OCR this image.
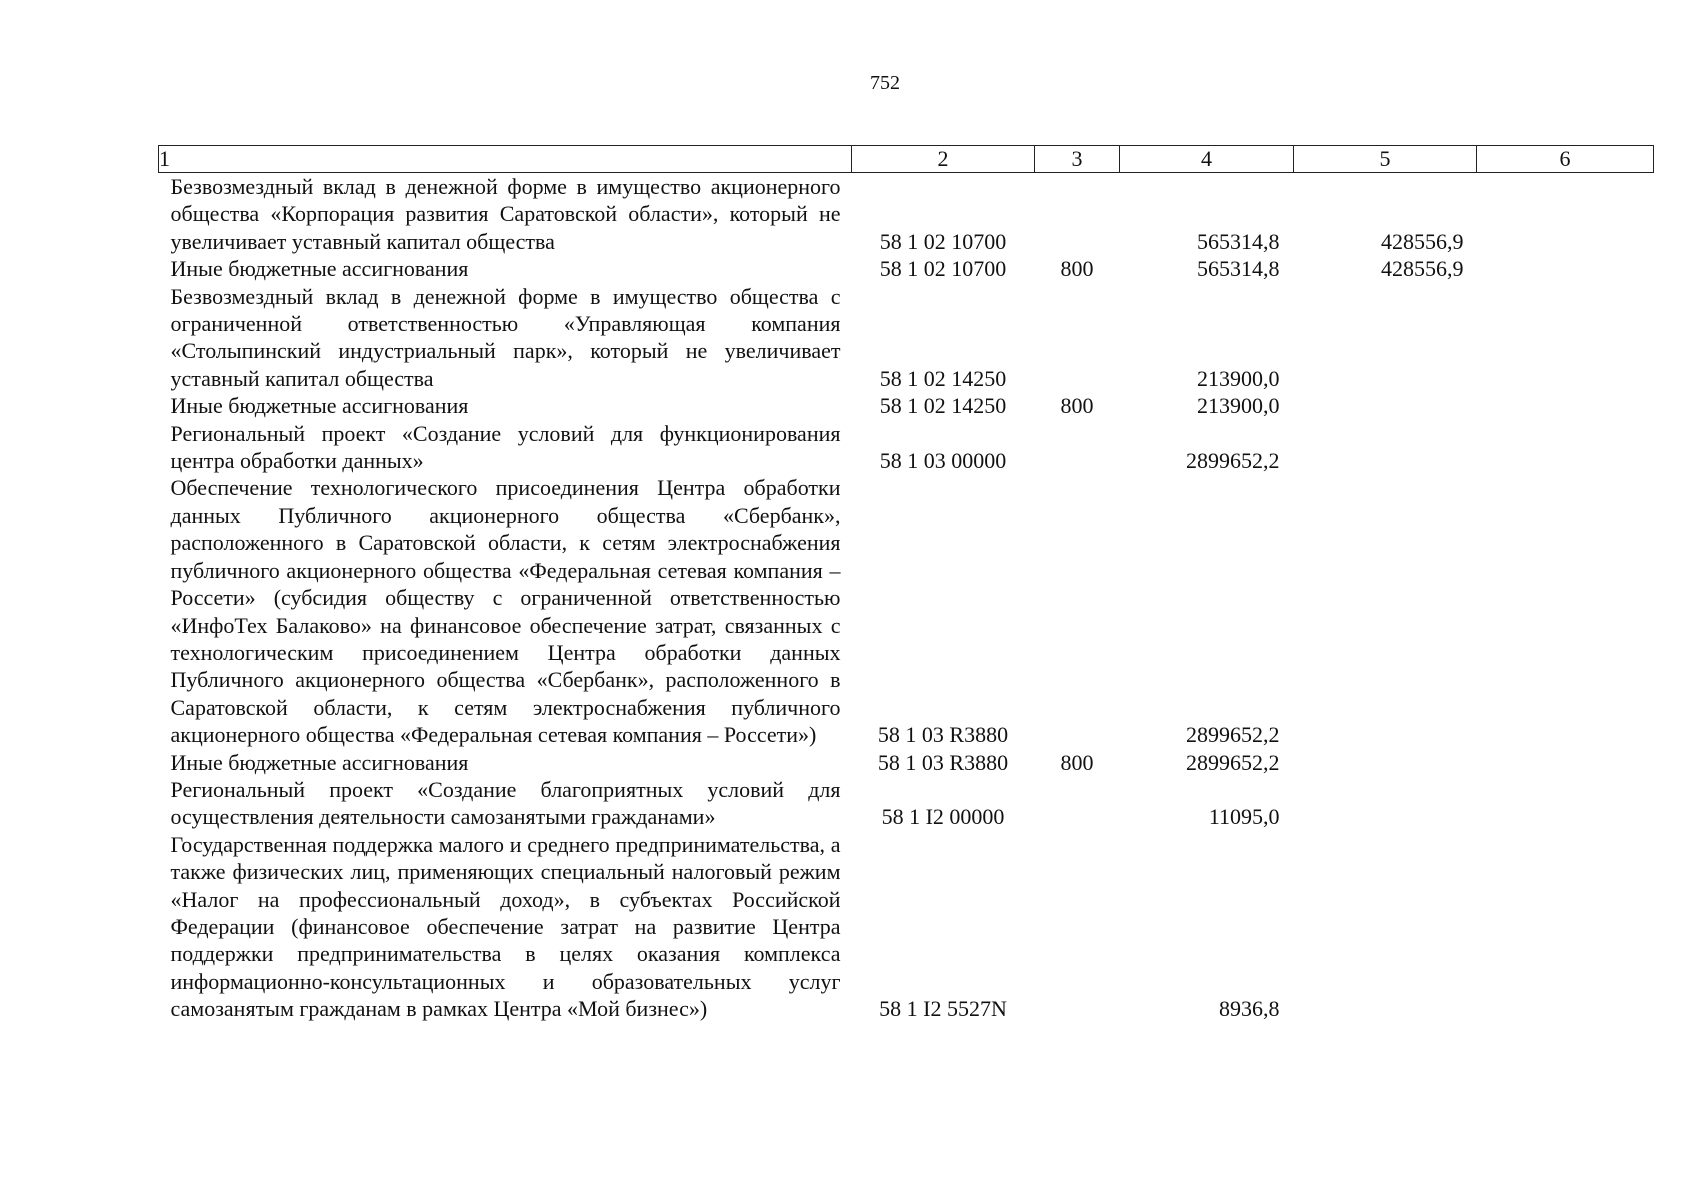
752
1	2	3	4	5	6
Безвозмездный вклад в денежной форме в имущество акционерного общества «Корпорация развития Саратовской области», который не увеличивает уставный капитал общества	58 1 02 10700		565314,8	428556,9	
Иные бюджетные ассигнования	58 1 02 10700	800	565314,8	428556,9	
Безвозмездный вклад в денежной форме в имущество общества с ограниченной ответственностью «Управляющая компания «Столыпинский индустриальный парк», который не увеличивает уставный капитал общества	58 1 02 14250		213900,0		
Иные бюджетные ассигнования	58 1 02 14250	800	213900,0		
Региональный проект «Создание условий для функционирования центра обработки данных»	58 1 03 00000		2899652,2		
Обеспечение технологического присоединения Центра обработки данных Публичного акционерного общества «Сбербанк», расположенного в Саратовской области, к сетям электроснабжения публичного акционерного общества «Федеральная сетевая компания – Россети» (субсидия обществу с ограниченной ответственностью «ИнфоТех Балаково» на финансовое обеспечение затрат, связанных с технологическим присоединением Центра обработки данных Публичного акционерного общества «Сбербанк», расположенного в Саратовской области, к сетям электроснабжения публичного акционерного общества «Федеральная сетевая компания – Россети»)	58 1 03 R3880		2899652,2		
Иные бюджетные ассигнования	58 1 03 R3880	800	2899652,2		
Региональный проект «Создание благоприятных условий для осуществления деятельности самозанятыми гражданами»	58 1 I2 00000		11095,0		
Государственная поддержка малого и среднего предпринимательства, а также физических лиц, применяющих специальный налоговый режим «Налог на профессиональный доход», в субъектах Российской Федерации (финансовое обеспечение затрат на развитие Центра поддержки предпринимательства в целях оказания комплекса информационно-консультационных и образовательных услуг самозанятым гражданам в рамках Центра «Мой бизнес»)	58 1 I2 5527N		8936,8		
